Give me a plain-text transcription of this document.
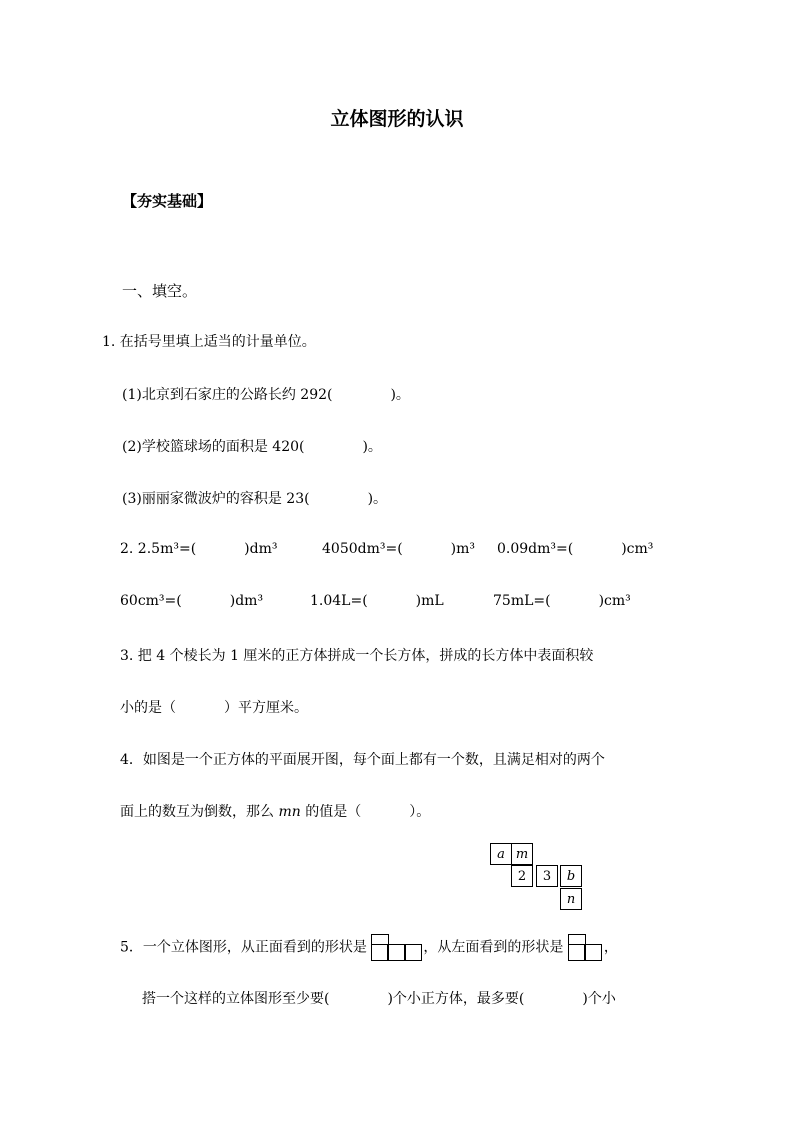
立体图形的认识
【夯实基础】
一、填空。
1. 在括号里填上适当的计量单位。
(1)北京到石家庄的公路长约 292(	)。
(2)学校篮球场的面积是 420(	)。
(3)丽丽家微波炉的容积是 23(	)。
2. 2.5m³=(	)dm³	4050dm³=(	)m³ 0.09dm³=(	)cm³
60cm³=(	)dm³	1.04L=(	)mL	75mL=(	)cm³
3. 把 4 个棱长为 1 厘米的正方体拼成一个长方体，拼成的长方体中表面积较
小的是（	）平方厘米。
4．如图是一个正方体的平面展开图，每个面上都有一个数，且满足相对的两个
面上的数互为倒数，那么 mn 的值是（	）。
a m
2	3	b
n
5．一个立体图形，从正面看到的形状是	，从左面看到的形状是	，
搭一个这样的立体图形至少要(	)个小正方体，最多要(	)个小
